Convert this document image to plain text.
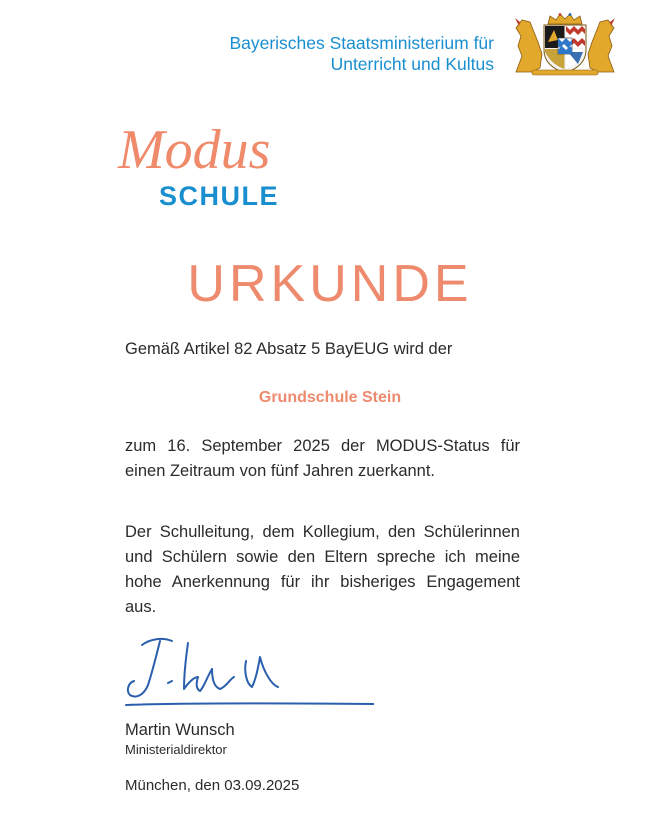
Bayerisches Staatsministerium für
Unterricht und Kultus
Modus
SCHULE
URKUNDE
Gemäß Artikel 82 Absatz 5 BayEUG wird der
Grundschule Stein
zum 16. September 2025 der MODUS-Status für einen Zeitraum von fünf Jahren zuerkannt.
Der Schulleitung, dem Kollegium, den Schülerinnen und Schülern sowie den Eltern spreche ich meine hohe Anerkennung für ihr bisheriges Engagement aus.
Martin Wunsch
Ministerialdirektor
München, den 03.09.2025
